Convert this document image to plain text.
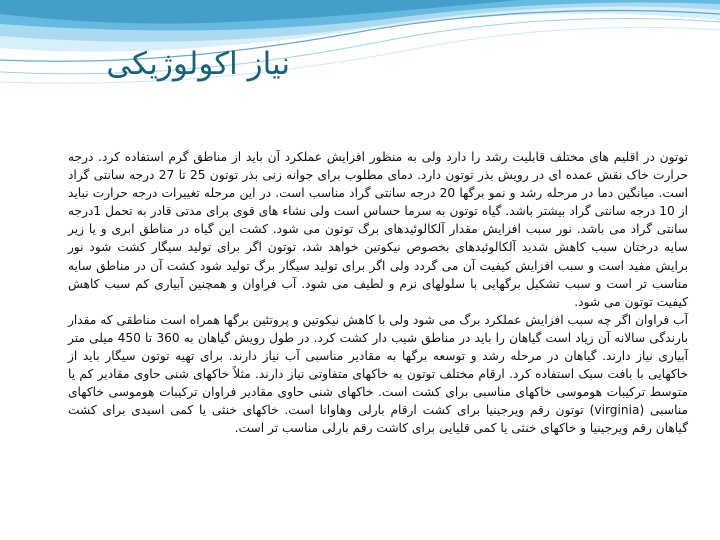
نیاز اکولوژیکی

توتون در اقلیم های مختلف قابلیت رشد را دارد ولی به منظور افزایش عملکرد آن باید از مناطق گرم استفاده کرد. درجه حرارت خاک نقش عمده ای در رویش بذر توتون دارد. دمای مطلوب برای جوانه زنی بذر توتون 25 تا 27 درجه سانتی گراد است. میانگین دما در مرحله رشد و نمو برگها 20 درجه سانتی گراد مناسب است. در این مرحله تغییرات درجه حرارت نباید از 10 درجه سانتی گراد بیشتر باشد. گیاه توتون به سرما حساس است ولی نشاء های قوی برای مدتی قادر به تحمل 1درجه سانتی گراد می باشد. نور سبب افزایش مقدار آلکالوئیدهای برگ توتون می شود. کشت این گیاه در مناطق ابری و یا زیر سایه درختان سبب کاهش شدید آلکالوئیدهای بخصوص نیکوتین خواهد شد، توتون اگر برای تولید سیگار کشت شود نور برایش مفید است و سبب افزایش کیفیت آن می گردد ولی اگر برای تولید سیگار برگ تولید شود کشت آن در مناطق سایه مناسب تر است و سبب تشکیل برگهایی با سلولهای نرم و لطیف می شود. آب فراوان و همچنین آبیاری کم سبب کاهش کیفیت توتون می شود.

آب فراوان اگر چه سبب افزایش عملکرد برگ می شود ولی با کاهش نیکوتین و پروتئین برگها همراه است مناطقی که مقدار بارندگی سالانه آن زیاد است گیاهان را باید در مناطق شیب دار کشت کرد. در طول رویش گیاهان به 360 تا 450 میلی متر آبیاری نیاز دارند. گیاهان در مرحله رشد و توسعه برگها به مقادیر مناسبی آب نیاز دارند. برای تهیه توتون سیگار باید از خاکهایی با بافت سبک استفاده کرد. ارقام مختلف توتون به خاکهای متفاوتی نیاز دارند. مثلاً خاکهای شنی حاوی مقادیر کم یا متوسط ترکیبات هوموسی خاکهای مناسبی برای کشت است. خاکهای شنی حاوی مقادیر فراوان ترکیبات هوموسی خاکهای مناسبی (virginia) توتون رقم ویرجینیا برای کشت ارقام بارلی وهاوانا است. خاکهای خنثی یا کمی اسیدی برای کشت گیاهان رقم ویرجینیا و خاکهای خنثی یا کمی قلیایی برای کاشت رقم بارلی مناسب تر است.
